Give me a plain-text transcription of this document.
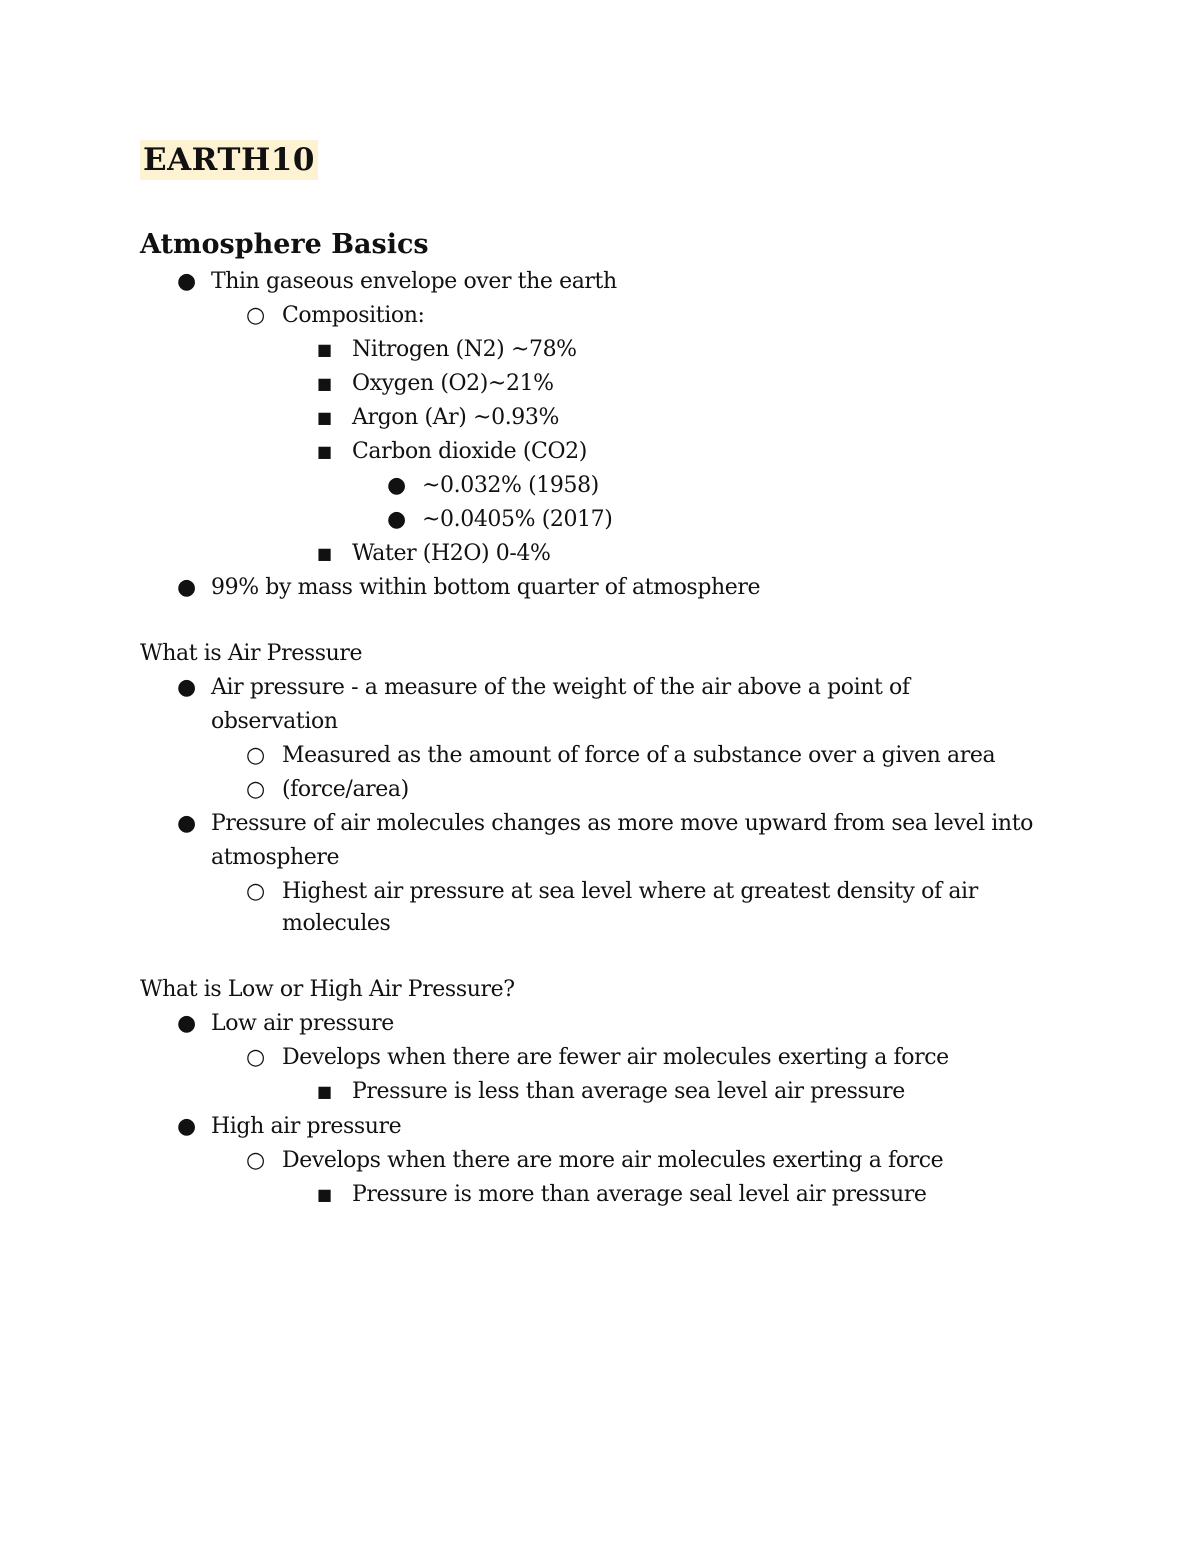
EARTH10
Atmosphere Basics
● Thin gaseous envelope over the earth
○ Composition:
■ Nitrogen (N2) ~78%
■ Oxygen (O2)~21%
■ Argon (Ar) ~0.93%
■ Carbon dioxide (CO2)
● ~0.032% (1958)
● ~0.0405% (2017)
■ Water (H2O) 0-4%
● 99% by mass within bottom quarter of atmosphere
What is Air Pressure
● Air pressure - a measure of the weight of the air above a point of
observation
○ Measured as the amount of force of a substance over a given area
○ (force/area)
● Pressure of air molecules changes as more move upward from sea level into
atmosphere
○ Highest air pressure at sea level where at greatest density of air
molecules
What is Low or High Air Pressure?
● Low air pressure
○ Develops when there are fewer air molecules exerting a force
■ Pressure is less than average sea level air pressure
● High air pressure
○ Develops when there are more air molecules exerting a force
■ Pressure is more than average seal level air pressure
